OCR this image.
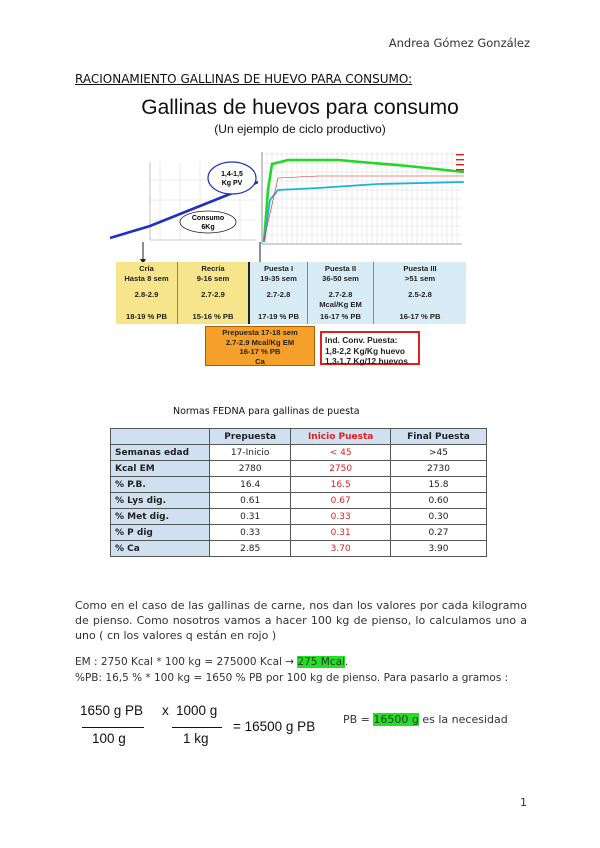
Andrea Gómez González
RACIONAMIENTO GALLINAS DE HUEVO PARA CONSUMO:
Gallinas de huevos para consumo
(Un ejemplo de ciclo productivo)
Consumo
6Kg
1,4-1,5
Kg PV
Cría
Hasta 8 sem
2.8-2.9
18-19 % PB
Recría
9-16 sem
2.7-2.9
15-16 % PB
Puesta I
19-35 sem
2.7-2.8
17-19 % PB
Puesta II
36-50 sem
2.7-2.8
Mcal/Kg EM
16-17 % PB
Puesta III
>51 sem
2.5-2.8
16-17 % PB
Prepuesta 17-18 sem
2.7-2.9 Mcal/Kg EM
16-17 % PB
Ca
Ind. Conv. Puesta:
1,8-2,2 Kg/Kg huevo
1,3-1,7 Kg/12 huevos
Normas FEDNA para gallinas de puesta
	Prepuesta	Inicio Puesta	Final Puesta
Semanas edad	17-Inicio	< 45	>45
Kcal EM	2780	2750	2730
% P.B.	16.4	16.5	15.8
% Lys dig.	0.61	0.67	0.60
% Met dig.	0.31	0.33	0.30
% P dig	0.33	0.31	0.27
% Ca	2.85	3.70	3.90
Como en el caso de las gallinas de carne, nos dan los valores por cada kilogramo de pienso. Como nosotros vamos a hacer 100 kg de pienso, lo calculamos uno a uno ( cn los valores q están en rojo )
EM : 2750 Kcal * 100 kg = 275000 Kcal → 275 Mcal.
%PB: 16,5 % * 100 kg = 1650 % PB por 100 kg de pienso. Para pasarlo a gramos :
1650 g PB x 1000 g
100 g	1 kg
= 16500 g PB	PB = 16500 g es la necesidad
1
